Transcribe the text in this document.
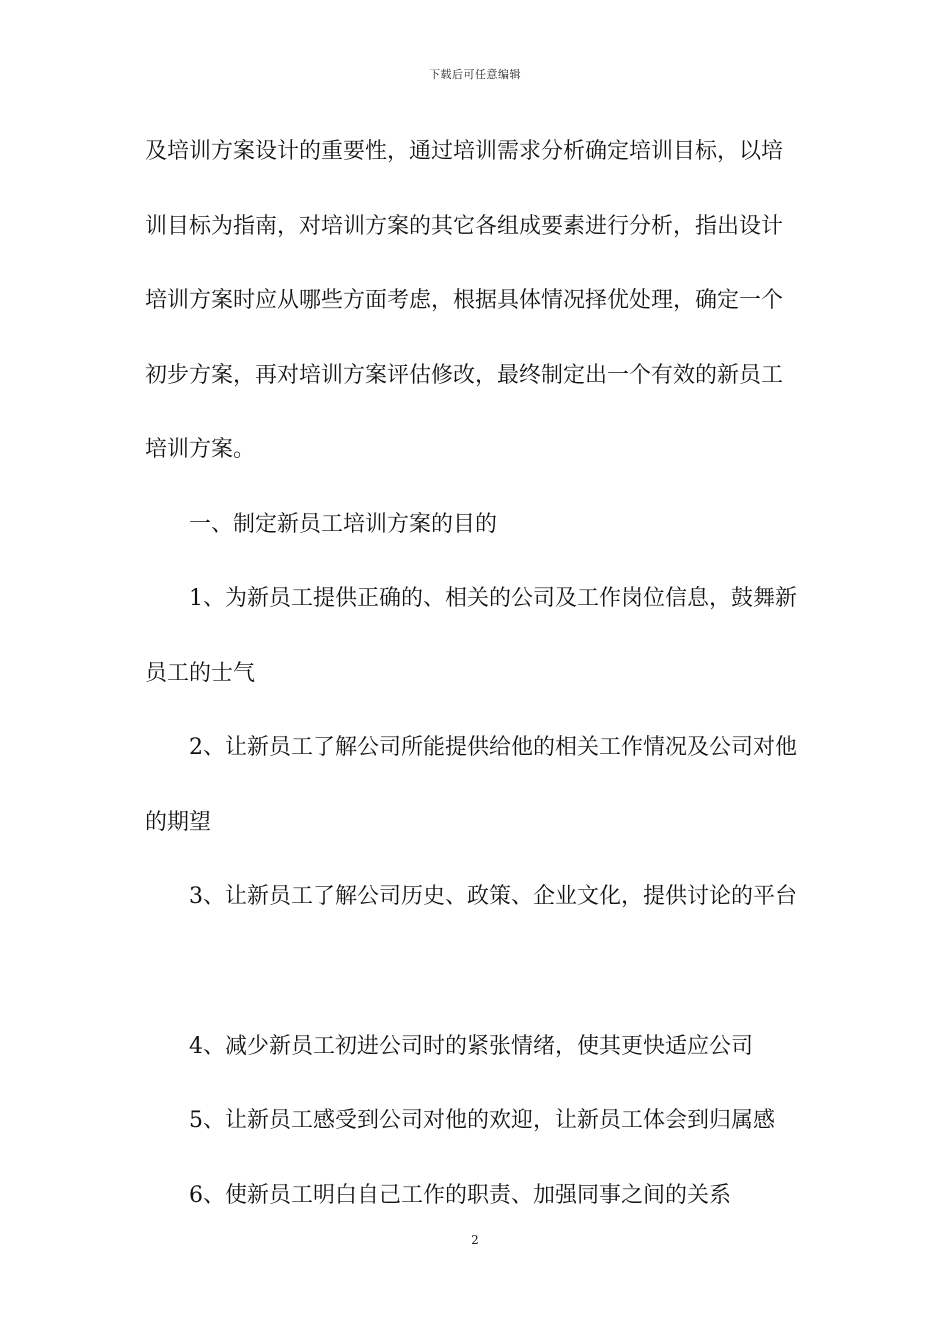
下载后可任意编辑
及培训方案设计的重要性，通过培训需求分析确定培训目标，以培
训目标为指南，对培训方案的其它各组成要素进行分析，指出设计
培训方案时应从哪些方面考虑，根据具体情况择优处理，确定一个
初步方案，再对培训方案评估修改，最终制定出一个有效的新员工
培训方案。
一、制定新员工培训方案的目的
1、为新员工提供正确的、相关的公司及工作岗位信息，鼓舞新
员工的士气
2、让新员工了解公司所能提供给他的相关工作情况及公司对他
的期望
3、让新员工了解公司历史、政策、企业文化，提供讨论的平台
4、减少新员工初进公司时的紧张情绪，使其更快适应公司
5、让新员工感受到公司对他的欢迎，让新员工体会到归属感
6、使新员工明白自己工作的职责、加强同事之间的关系
2
